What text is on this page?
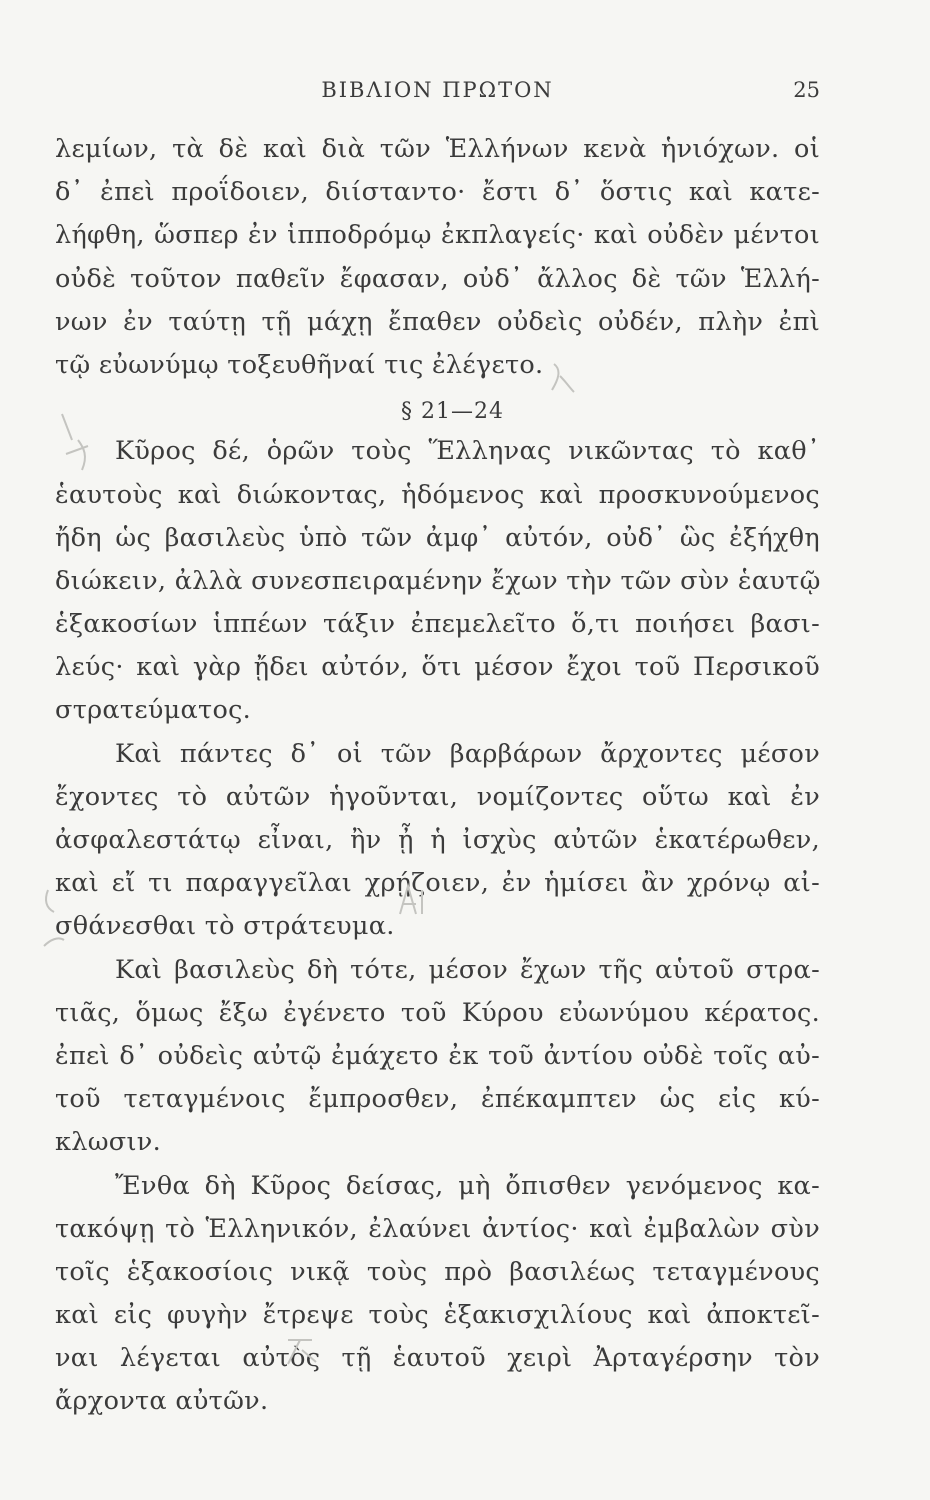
ΒΙΒΛΙΟΝ ΠΡΩΤΟΝ	25
λεμίων, τὰ δὲ καὶ διὰ τῶν Ἑλλήνων κενὰ ἡνιόχων. οἱ
δ᾿ ἐπεὶ προΐδοιεν, διίσταντο· ἔστι δ᾿ ὅστις καὶ κατε-
λήφθη, ὥσπερ ἐν ἱπποδρόμῳ ἐκπλαγείς· καὶ οὐδὲν μέντοι
οὐδὲ τοῦτον παθεῖν ἔφασαν, οὐδ᾿ ἄλλος δὲ τῶν Ἑλλή-
νων ἐν ταύτῃ τῇ μάχῃ ἔπαθεν οὐδεὶς οὐδέν, πλὴν ἐπὶ
τῷ εὐωνύμῳ τοξευθῆναί τις ἐλέγετο.
§ 21—24
Κῦρος δέ, ὁρῶν τοὺς Ἕλληνας νικῶντας τὸ καθ᾿
ἑαυτοὺς καὶ διώκοντας, ἡδόμενος καὶ προσκυνούμενος
ἤδη ὡς βασιλεὺς ὑπὸ τῶν ἀμφ᾿ αὐτόν, οὐδ᾿ ὣς ἐξήχθη
διώκειν, ἀλλὰ συνεσπειραμένην ἔχων τὴν τῶν σὺν ἑαυτῷ
ἑξακοσίων ἱππέων τάξιν ἐπεμελεῖτο ὅ,τι ποιήσει βασι-
λεύς· καὶ γὰρ ᾔδει αὐτόν, ὅτι μέσον ἔχοι τοῦ Περσικοῦ
στρατεύματος.
Καὶ πάντες δ᾿ οἱ τῶν βαρβάρων ἄρχοντες μέσον
ἔχοντες τὸ αὐτῶν ἡγοῦνται, νομίζοντες οὕτω καὶ ἐν
ἀσφαλεστάτῳ εἶναι, ἢν ᾖ ἡ ἰσχὺς αὐτῶν ἑκατέρωθεν,
καὶ εἴ τι παραγγεῖλαι χρῄζοιεν, ἐν ἡμίσει ἂν χρόνῳ αἰ-
σθάνεσθαι τὸ στράτευμα.
Καὶ βασιλεὺς δὴ τότε, μέσον ἔχων τῆς αὑτοῦ στρα-
τιᾶς, ὅμως ἔξω ἐγένετο τοῦ Κύρου εὐωνύμου κέρατος.
ἐπεὶ δ᾿ οὐδεὶς αὐτῷ ἐμάχετο ἐκ τοῦ ἀντίου οὐδὲ τοῖς αὐ-
τοῦ τεταγμένοις ἔμπροσθεν, ἐπέκαμπτεν ὡς εἰς κύ-
κλωσιν.
Ἔνθα δὴ Κῦρος δείσας, μὴ ὄπισθεν γενόμενος κα-
τακόψῃ τὸ Ἑλληνικόν, ἐλαύνει ἀντίος· καὶ ἐμβαλὼν σὺν
τοῖς ἑξακοσίοις νικᾷ τοὺς πρὸ βασιλέως τεταγμένους
καὶ εἰς φυγὴν ἔτρεψε τοὺς ἑξακισχιλίους καὶ ἀποκτεῖ-
ναι λέγεται αὐτὸς τῇ ἑαυτοῦ χειρὶ Ἀρταγέρσην τὸν
ἄρχοντα αὐτῶν.
